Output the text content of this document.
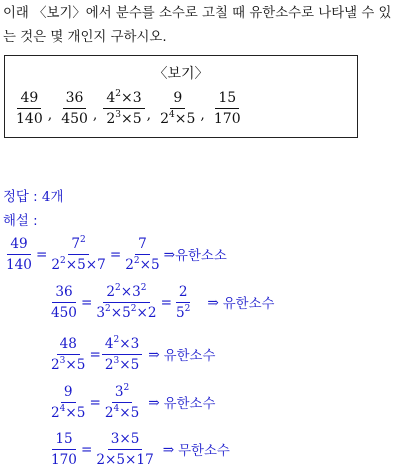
이래 〈보기〉에서 분수를 소수로 고칠 때 유한소수로 나타낼 수 있는 것은 몇 개인지 구하시오.
〈보기〉
$\frac{49}{140}$ , $\frac{36}{450}$ , $\frac{4^2\times 3}{2^3\times 5}$ , $\frac{9}{2^4\times 5}$ , $\frac{15}{170}$
정답 : 4개
해설 :
$\frac{49}{140} = \frac{7^2}{2^2\times 5\times 7} = \frac{7}{2^2\times 5}$ ⇒ 유한소소
$\frac{36}{450} = \frac{2^2\times 3^2}{3^2\times 5^2\times 2} = \frac{2}{5^2}$ ⇒ 유한소수
$\frac{48}{2^3\times 5} = \frac{4^2\times 3}{2^3\times 5}$ ⇒ 유한소수
$\frac{9}{2^4\times 5} = \frac{3^2}{2^4\times 5}$ ⇒ 유한소수
$\frac{15}{170} = \frac{3\times 5}{2\times 5\times 17}$ ⇒ 무한소수
